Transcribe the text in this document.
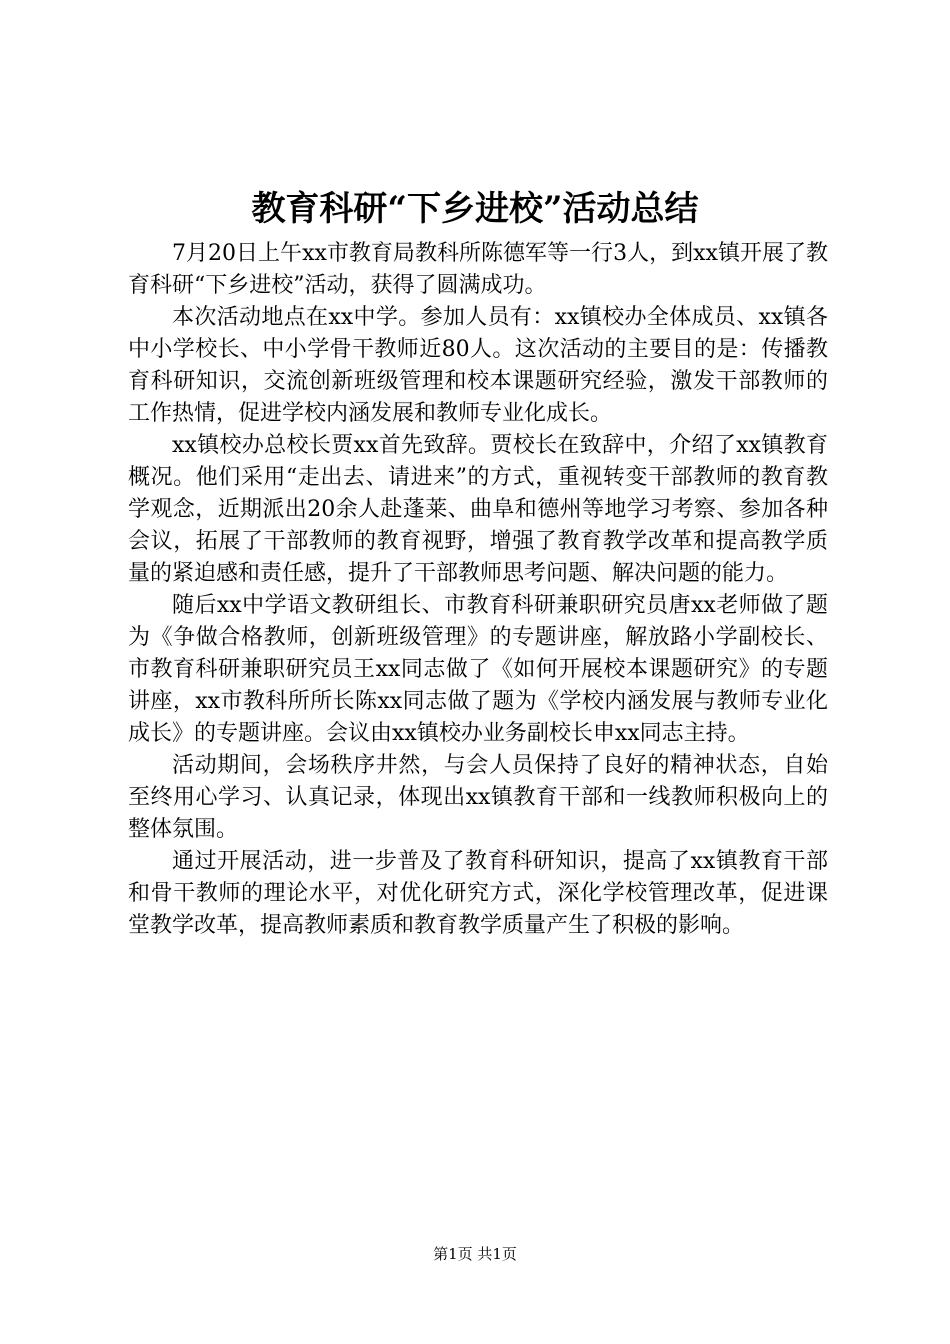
教育科研“下乡进校”活动总结

7月20日上午xx市教育局教科所陈德军等一行3人，到xx镇开展了教育科研“下乡进校”活动，获得了圆满成功。

本次活动地点在xx中学。参加人员有：xx镇校办全体成员、xx镇各中小学校长、中小学骨干教师近80人。这次活动的主要目的是：传播教育科研知识，交流创新班级管理和校本课题研究经验，激发干部教师的工作热情，促进学校内涵发展和教师专业化成长。

xx镇校办总校长贾xx首先致辞。贾校长在致辞中，介绍了xx镇教育概况。他们采用“走出去、请进来”的方式，重视转变干部教师的教育教学观念，近期派出20余人赴蓬莱、曲阜和德州等地学习考察、参加各种会议，拓展了干部教师的教育视野，增强了教育教学改革和提高教学质量的紧迫感和责任感，提升了干部教师思考问题、解决问题的能力。

随后xx中学语文教研组长、市教育科研兼职研究员唐xx老师做了题为《争做合格教师，创新班级管理》的专题讲座，解放路小学副校长、市教育科研兼职研究员王xx同志做了《如何开展校本课题研究》的专题讲座，xx市教科所所长陈xx同志做了题为《学校内涵发展与教师专业化成长》的专题讲座。会议由xx镇校办业务副校长申xx同志主持。

活动期间，会场秩序井然，与会人员保持了良好的精神状态，自始至终用心学习、认真记录，体现出xx镇教育干部和一线教师积极向上的整体氛围。

通过开展活动，进一步普及了教育科研知识，提高了xx镇教育干部和骨干教师的理论水平，对优化研究方式，深化学校管理改革，促进课堂教学改革，提高教师素质和教育教学质量产生了积极的影响。

第1页 共1页
